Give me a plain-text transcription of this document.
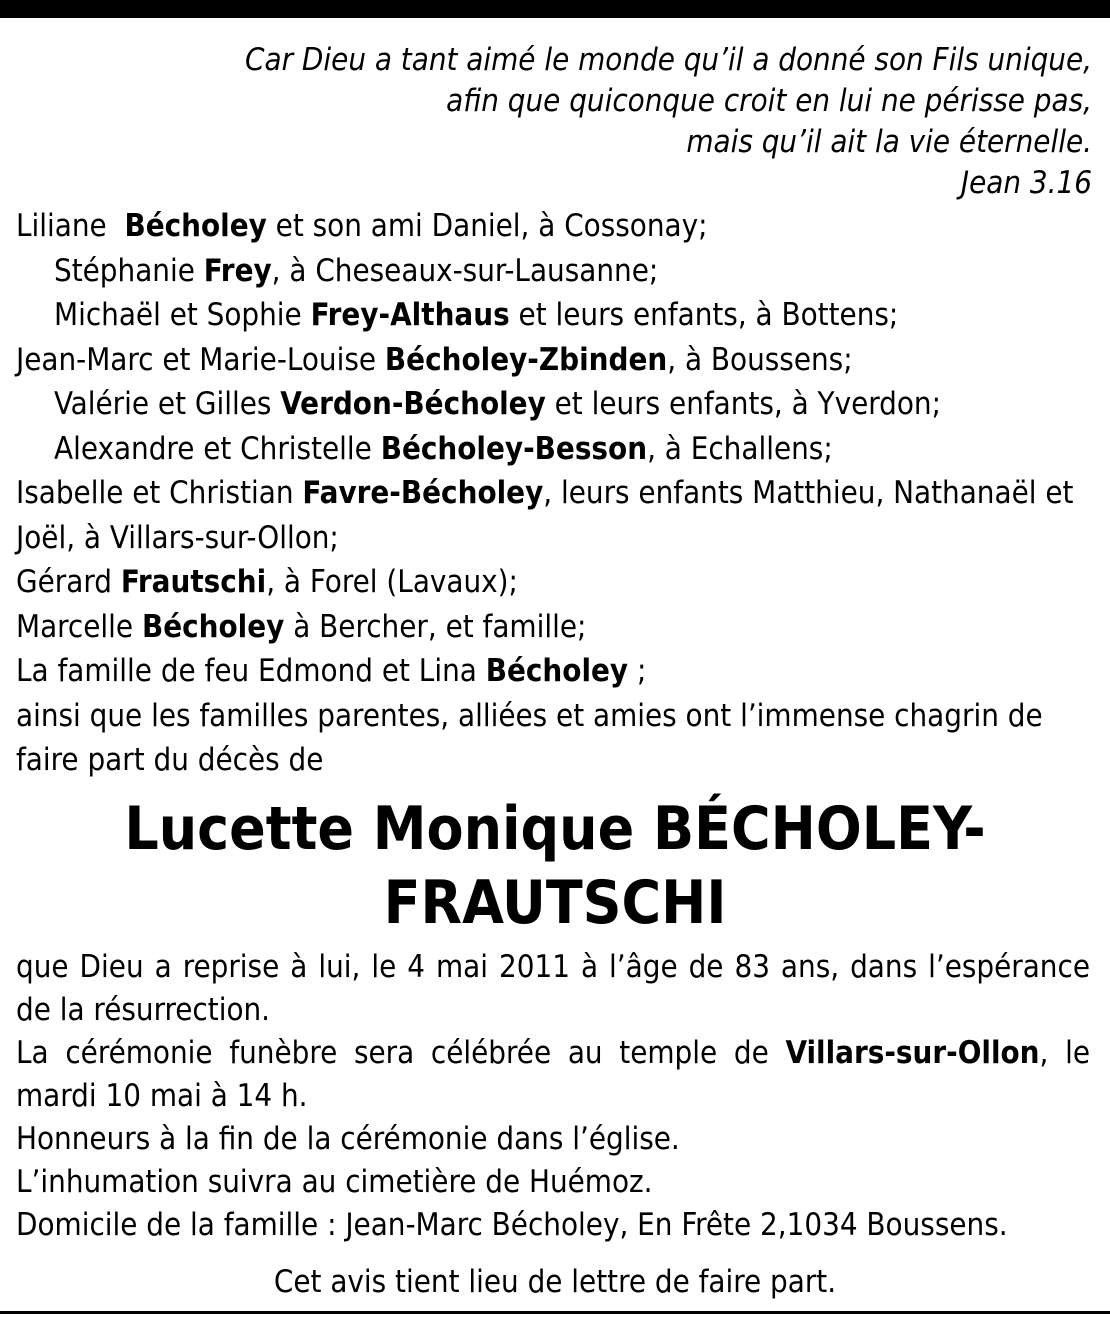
Car Dieu a tant aimé le monde qu’il a donné son Fils unique,
afin que quiconque croit en lui ne périsse pas,
mais qu’il ait la vie éternelle.
Jean 3.16
Liliane  Bécholey et son ami Daniel, à Cossonay;
Stéphanie Frey, à Cheseaux-sur-Lausanne;
Michaël et Sophie Frey-Althaus et leurs enfants, à Bottens;
Jean-Marc et Marie-Louise Bécholey-Zbinden, à Boussens;
Valérie et Gilles Verdon-Bécholey et leurs enfants, à Yverdon;
Alexandre et Christelle Bécholey-Besson, à Echallens;
Isabelle et Christian Favre-Bécholey, leurs enfants Matthieu, Nathanaël et Joël, à Villars-sur-Ollon;
Gérard Frautschi, à Forel (Lavaux);
Marcelle Bécholey à Bercher, et famille;
La famille de feu Edmond et Lina Bécholey ;
ainsi que les familles parentes, alliées et amies ont l’immense chagrin de faire part du décès de
Lucette Monique BÉCHOLEY-
FRAUTSCHI
que Dieu a reprise à lui, le 4 mai 2011 à l’âge de 83 ans, dans l’espérance de la résurrection.
La cérémonie funèbre sera célébrée au temple de Villars-sur-Ollon, le mardi 10 mai à 14 h.
Honneurs à la fin de la cérémonie dans l’église.
L’inhumation suivra au cimetière de Huémoz.
Domicile de la famille : Jean-Marc Bécholey, En Frête 2,1034 Boussens.
Cet avis tient lieu de lettre de faire part.
